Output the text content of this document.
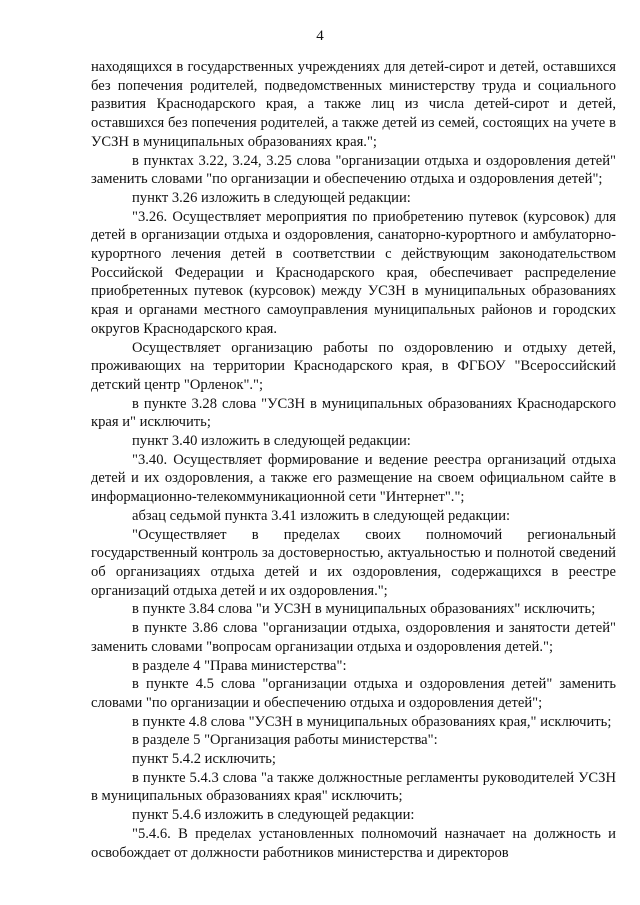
4

находящихся в государственных учреждениях для детей-сирот и детей, оставшихся без попечения родителей, подведомственных министерству труда и социального развития Краснодарского края, а также лиц из числа детей-сирот и детей, оставшихся без попечения родителей, а также детей из семей, состоящих на учете в УСЗН в муниципальных образованиях края.";

в пунктах 3.22, 3.24, 3.25 слова "организации отдыха и оздоровления детей" заменить словами "по организации и обеспечению отдыха и оздоровления детей";

пункт 3.26 изложить в следующей редакции:

"3.26. Осуществляет мероприятия по приобретению путевок (курсовок) для детей в организации отдыха и оздоровления, санаторно-курортного и амбулаторно-курортного лечения детей в соответствии с действующим законодательством Российской Федерации и Краснодарского края, обеспечивает распределение приобретенных путевок (курсовок) между УСЗН в муниципальных образованиях края и органами местного самоуправления муниципальных районов и городских округов Краснодарского края.

Осуществляет организацию работы по оздоровлению и отдыху детей, проживающих на территории Краснодарского края, в ФГБОУ "Всероссийский детский центр "Орленок".";

в пункте 3.28 слова "УСЗН в муниципальных образованиях Краснодарского края и" исключить;

пункт 3.40 изложить в следующей редакции:

"3.40. Осуществляет формирование и ведение реестра организаций отдыха детей и их оздоровления, а также его размещение на своем официальном сайте в информационно-телекоммуникационной сети "Интернет".";

абзац седьмой пункта 3.41 изложить в следующей редакции:

"Осуществляет в пределах своих полномочий региональный государственный контроль за достоверностью, актуальностью и полнотой сведений об организациях отдыха детей и их оздоровления, содержащихся в реестре организаций отдыха детей и их оздоровления.";

в пункте 3.84 слова "и УСЗН в муниципальных образованиях" исключить;

в пункте 3.86 слова "организации отдыха, оздоровления и занятости детей" заменить словами "вопросам организации отдыха и оздоровления детей.";

в разделе 4 "Права министерства":

в пункте 4.5 слова "организации отдыха и оздоровления детей" заменить словами "по организации и обеспечению отдыха и оздоровления детей";

в пункте 4.8 слова "УСЗН в муниципальных образованиях края," исключить;

в разделе 5 "Организация работы министерства":

пункт 5.4.2 исключить;

в пункте 5.4.3 слова "а также должностные регламенты руководителей УСЗН в муниципальных образованиях края" исключить;

пункт 5.4.6 изложить в следующей редакции:

"5.4.6. В пределах установленных полномочий назначает на должность и освобождает от должности работников министерства и директоров
